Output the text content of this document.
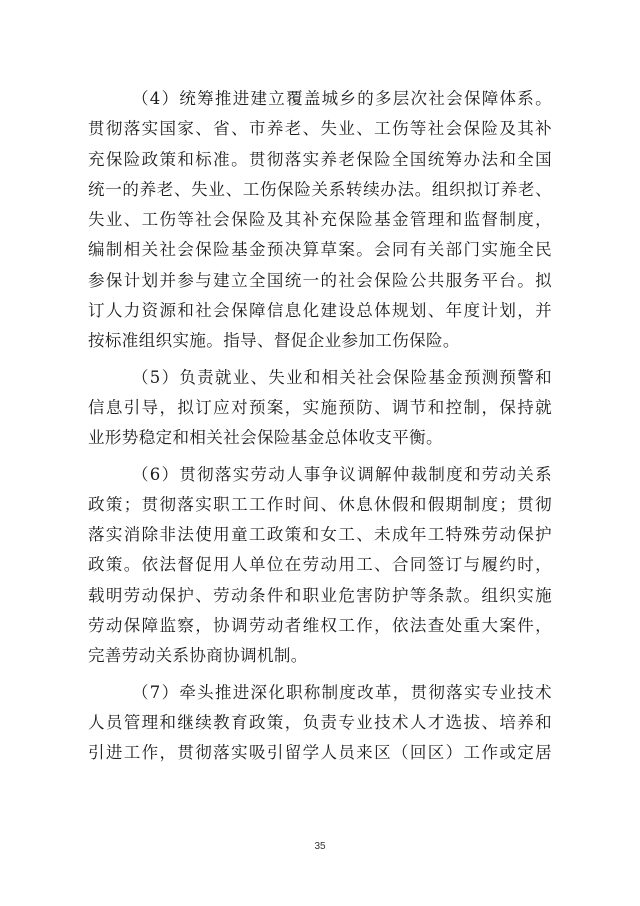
（4）统筹推进建立覆盖城乡的多层次社会保障体系。
贯彻落实国家、省、市养老、失业、工伤等社会保险及其补
充保险政策和标准。贯彻落实养老保险全国统筹办法和全国
统一的养老、失业、工伤保险关系转续办法。组织拟订养老、
失业、工伤等社会保险及其补充保险基金管理和监督制度，
编制相关社会保险基金预决算草案。会同有关部门实施全民
参保计划并参与建立全国统一的社会保险公共服务平台。拟
订人力资源和社会保障信息化建设总体规划、年度计划，并
按标准组织实施。指导、督促企业参加工伤保险。
（5）负责就业、失业和相关社会保险基金预测预警和
信息引导，拟订应对预案，实施预防、调节和控制，保持就
业形势稳定和相关社会保险基金总体收支平衡。
（6）贯彻落实劳动人事争议调解仲裁制度和劳动关系
政策；贯彻落实职工工作时间、休息休假和假期制度；贯彻
落实消除非法使用童工政策和女工、未成年工特殊劳动保护
政策。依法督促用人单位在劳动用工、合同签订与履约时，
载明劳动保护、劳动条件和职业危害防护等条款。组织实施
劳动保障监察，协调劳动者维权工作，依法查处重大案件，
完善劳动关系协商协调机制。
（7）牵头推进深化职称制度改革，贯彻落实专业技术
人员管理和继续教育政策，负责专业技术人才选拔、培养和
引进工作，贯彻落实吸引留学人员来区（回区）工作或定居
35
